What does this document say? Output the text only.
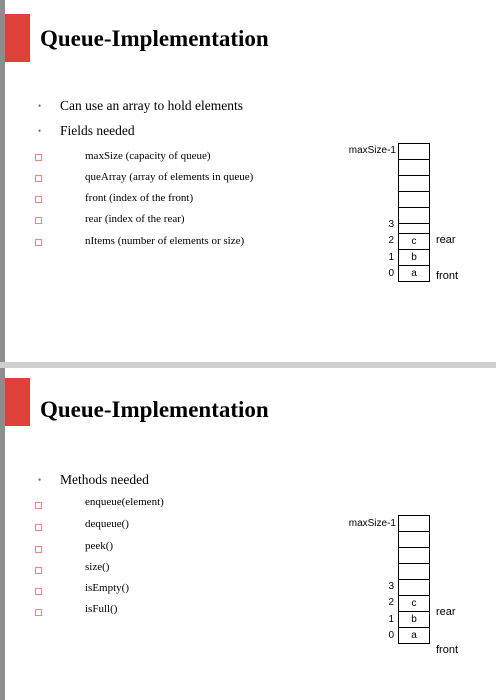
Queue-Implementation
• Can use an array to hold elements
• Fields needed
maxSize (capacity of queue)
queArray (array of elements in queue)
front (index of the front)
rear (index of the rear)
nItems (number of elements or size)
maxSize-1
c
b
a
3
2
1
0
rear
front
Queue-Implementation
• Methods needed
enqueue(element)
dequeue()
peek()
size()
isEmpty()
isFull()
maxSize-1
c
b
a
3
2
1
0
rear
front
